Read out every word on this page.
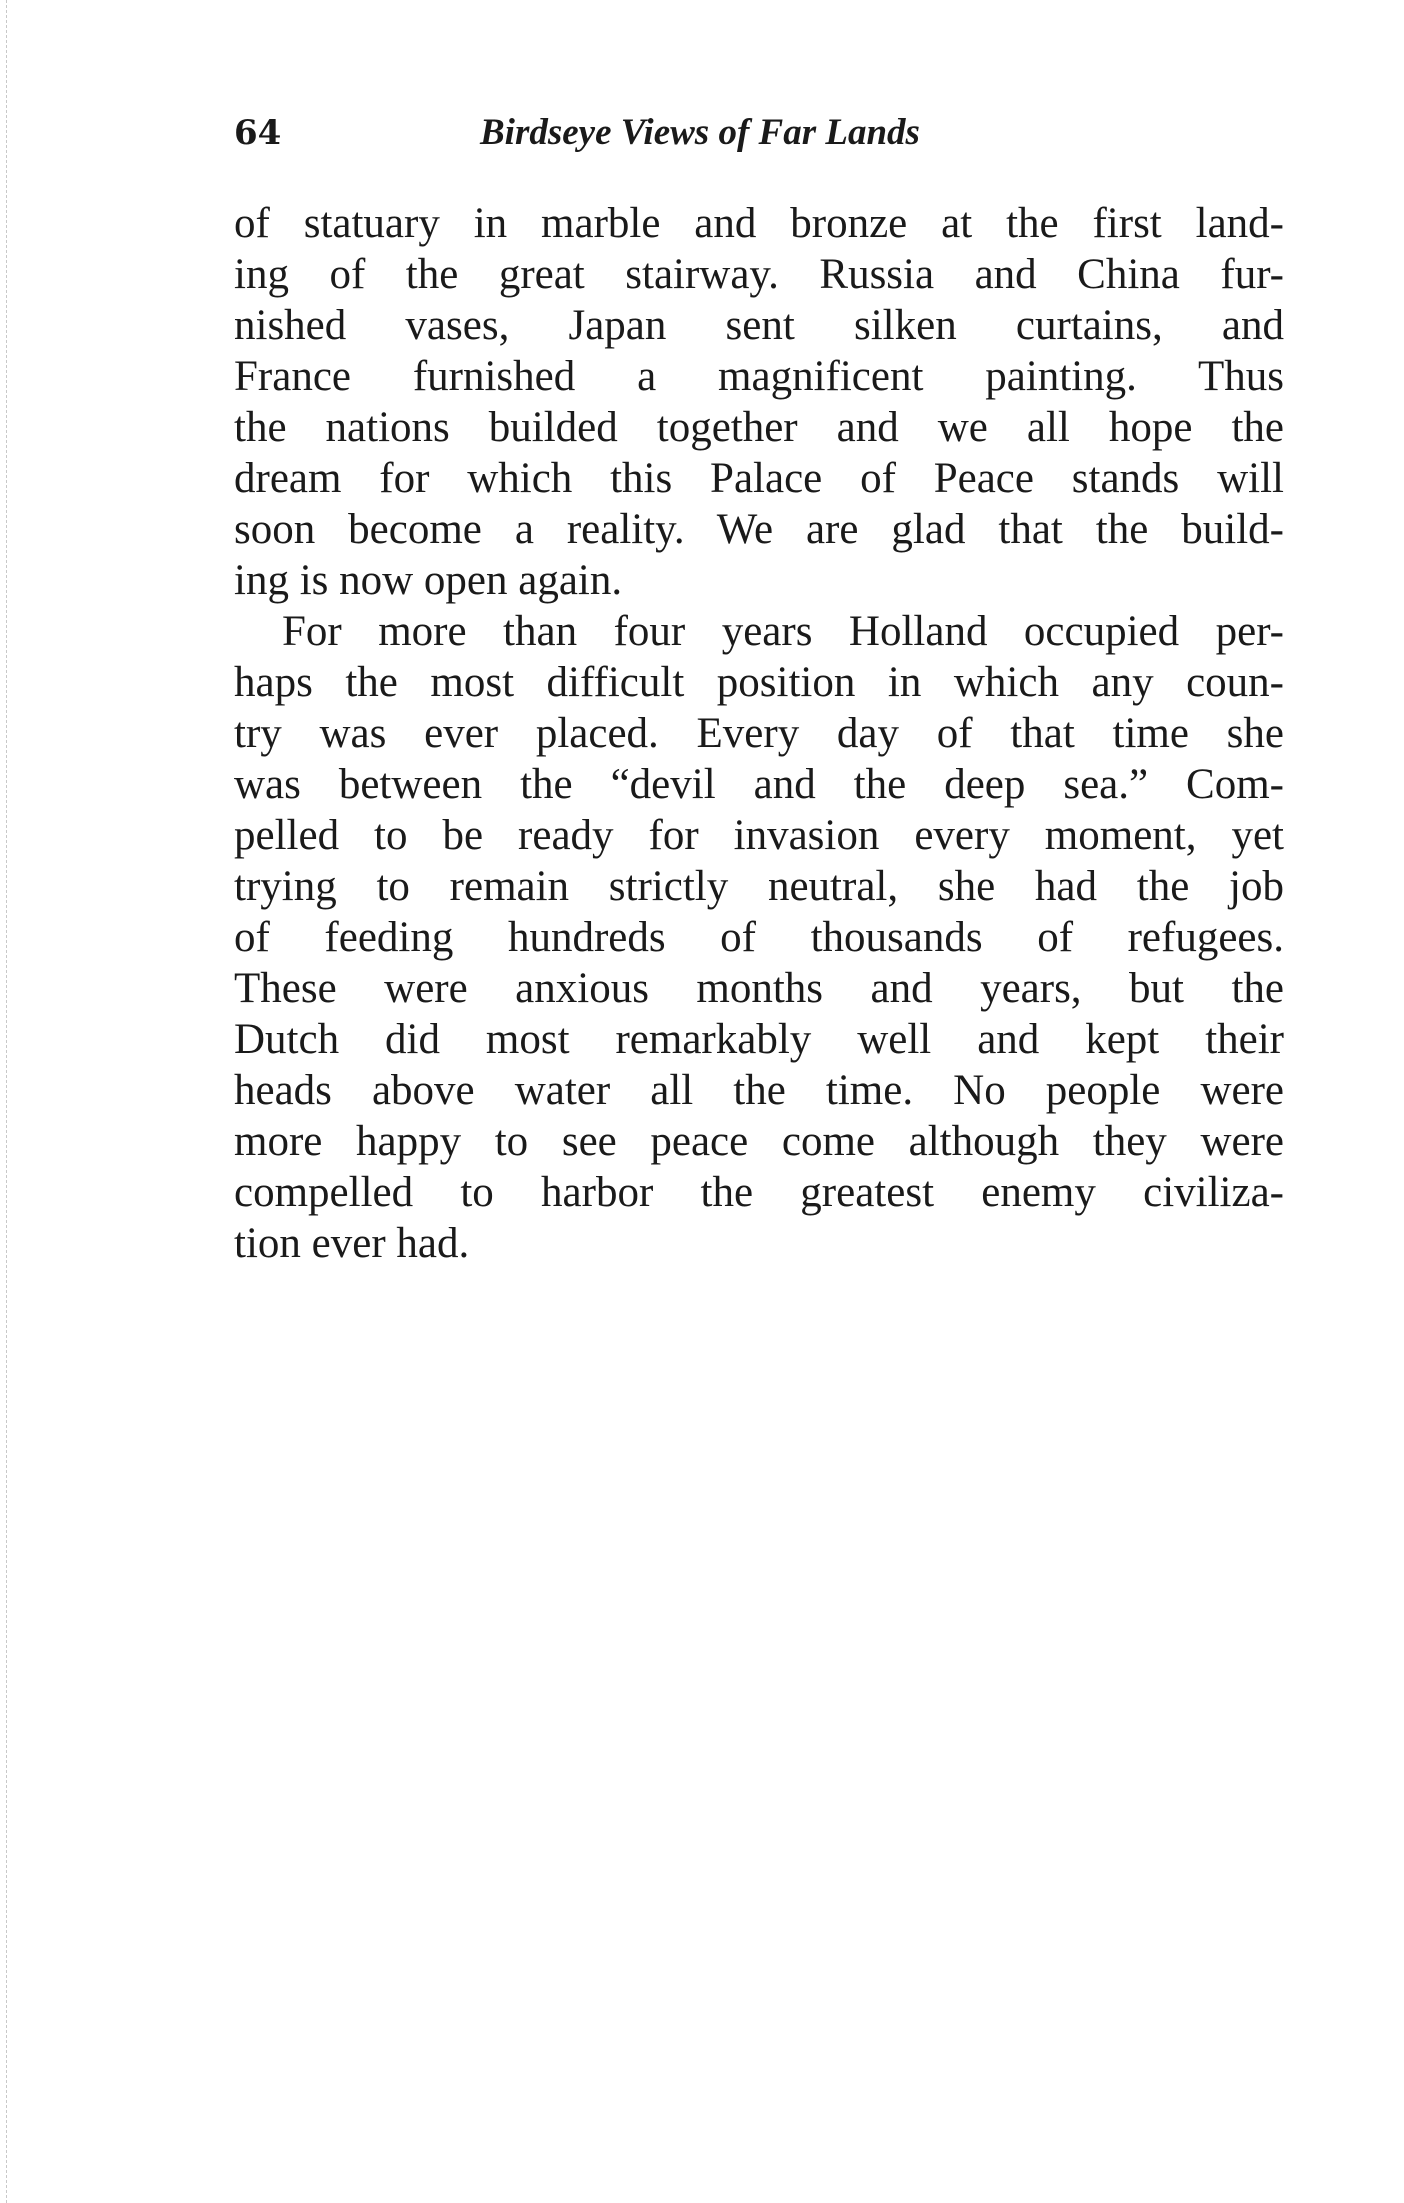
64	Birdseye Views of Far Lands
of statuary in marble and bronze at the first land-
ing of the great stairway. Russia and China fur-
nished vases, Japan sent silken curtains, and
France furnished a magnificent painting. Thus
the nations builded together and we all hope the
dream for which this Palace of Peace stands will
soon become a reality. We are glad that the build-
ing is now open again.
For more than four years Holland occupied per-
haps the most difficult position in which any coun-
try was ever placed. Every day of that time she
was between the “devil and the deep sea.” Com-
pelled to be ready for invasion every moment, yet
trying to remain strictly neutral, she had the job
of feeding hundreds of thousands of refugees.
These were anxious months and years, but the
Dutch did most remarkably well and kept their
heads above water all the time. No people were
more happy to see peace come although they were
compelled to harbor the greatest enemy civiliza-
tion ever had.
